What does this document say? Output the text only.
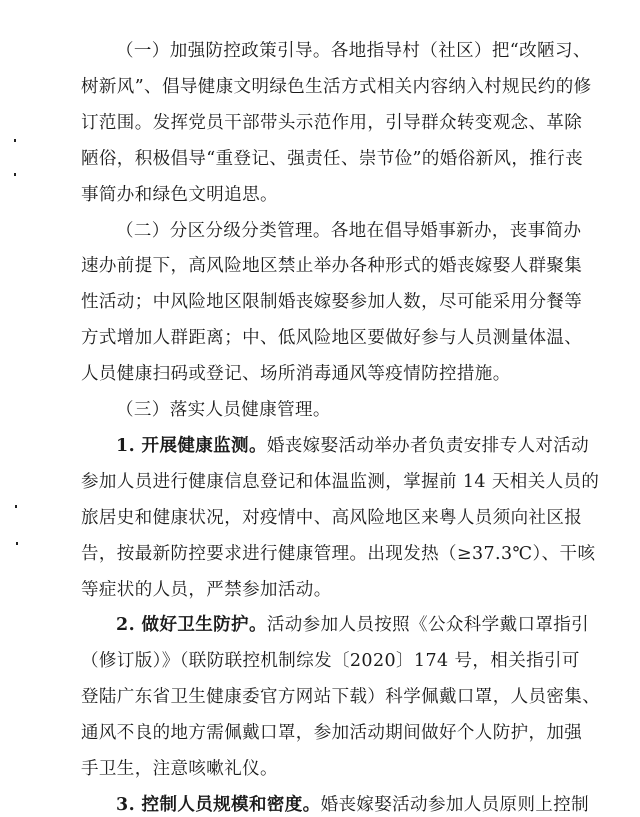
（一）加强防控政策引导。各地指导村（社区）把“改陋习、
树新风”、倡导健康文明绿色生活方式相关内容纳入村规民约的修
订范围。发挥党员干部带头示范作用，引导群众转变观念、革除
陋俗，积极倡导“重登记、强责任、崇节俭”的婚俗新风，推行丧
事简办和绿色文明追思。
（二）分区分级分类管理。各地在倡导婚事新办，丧事简办
速办前提下，高风险地区禁止举办各种形式的婚丧嫁娶人群聚集
性活动；中风险地区限制婚丧嫁娶参加人数，尽可能采用分餐等
方式增加人群距离；中、低风险地区要做好参与人员测量体温、
人员健康扫码或登记、场所消毒通风等疫情防控措施。
（三）落实人员健康管理。
1. 开展健康监测。婚丧嫁娶活动举办者负责安排专人对活动
参加人员进行健康信息登记和体温监测，掌握前 14 天相关人员的
旅居史和健康状况，对疫情中、高风险地区来粤人员须向社区报
告，按最新防控要求进行健康管理。出现发热（≥37.3℃）、干咳
等症状的人员，严禁参加活动。
2. 做好卫生防护。活动参加人员按照《公众科学戴口罩指引
（修订版）》（联防联控机制综发〔2020〕174 号，相关指引可
登陆广东省卫生健康委官方网站下载）科学佩戴口罩，人员密集、
通风不良的地方需佩戴口罩，参加活动期间做好个人防护，加强
手卫生，注意咳嗽礼仪。
3. 控制人员规模和密度。婚丧嫁娶活动参加人员原则上控制
